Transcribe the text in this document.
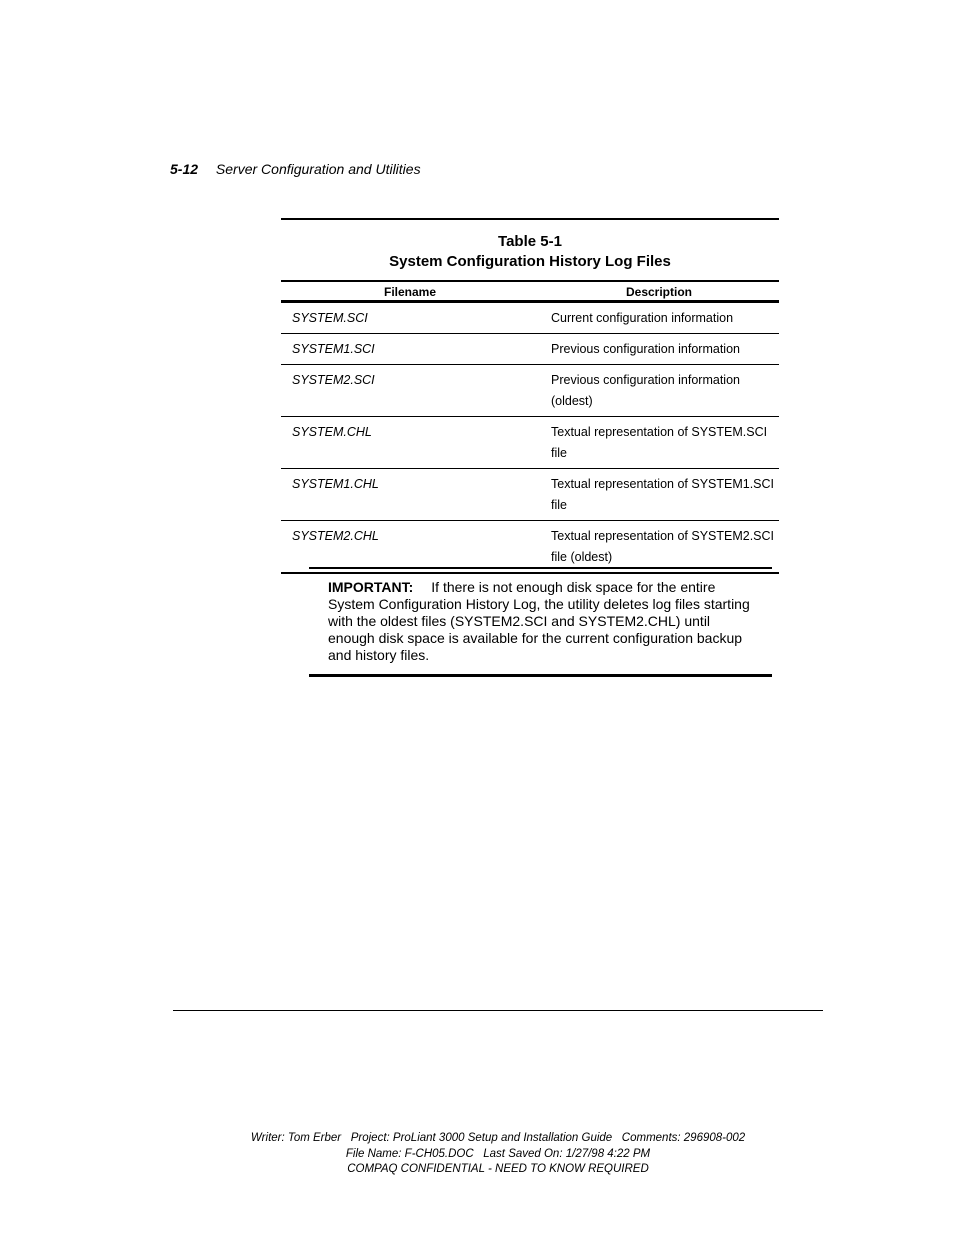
5-12 Server Configuration and Utilities
Table 5-1
System Configuration History Log Files
Filename	Description
SYSTEM.SCI	Current configuration information
SYSTEM1.SCI	Previous configuration information
SYSTEM2.SCI	Previous configuration information (oldest)
SYSTEM.CHL	Textual representation of SYSTEM.SCI file
SYSTEM1.CHL	Textual representation of SYSTEM1.SCI file
SYSTEM2.CHL	Textual representation of SYSTEM2.SCI file (oldest)
IMPORTANT: If there is not enough disk space for the entire System Configuration History Log, the utility deletes log files starting with the oldest files (SYSTEM2.SCI and SYSTEM2.CHL) until enough disk space is available for the current configuration backup and history files.
Writer: Tom Erber   Project: ProLiant 3000 Setup and Installation Guide   Comments: 296908-002
File Name: F-CH05.DOC   Last Saved On: 1/27/98 4:22 PM
COMPAQ CONFIDENTIAL - NEED TO KNOW REQUIRED
